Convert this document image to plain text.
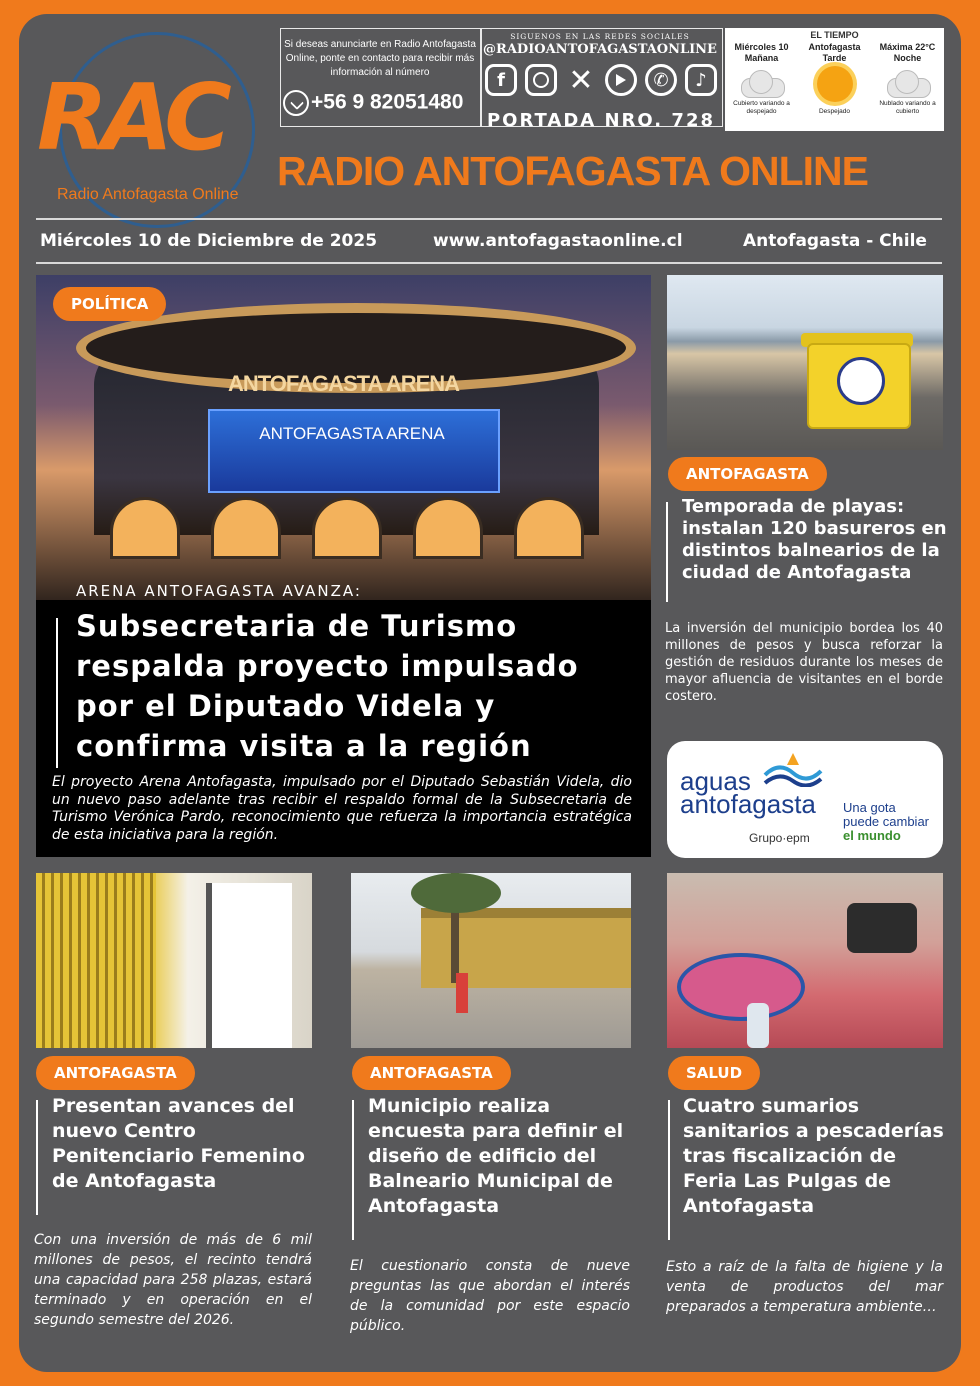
RAC
Radio Antofagasta Online
Si deseas anunciarte en Radio Antofagasta Online, ponte en contacto para recibir más información al número
+56 9 82051480
SIGUENOS EN LAS REDES SOCIALES
@RADIOANTOFAGASTAONLINE
f	✕	✆	♪
PORTADA NRO. 728
EL TIEMPO
Miércoles 10 Mañana
Cubierto variando a despejado
Antofagasta Tarde
Despejado
Máxima 22°C Noche
Nublado variando a cubierto
RADIO ANTOFAGASTA ONLINE
Miércoles 10 de Diciembre de 2025	www.antofagastaonline.cl	Antofagasta - Chile
ANTOFAGASTA ARENA
ANTOFAGASTA ARENA
POLÍTICA
ARENA ANTOFAGASTA AVANZA:
Subsecretaria de Turismo respalda proyecto impulsado por el Diputado Videla y confirma visita a la región
El proyecto Arena Antofagasta, impulsado por el Diputado Sebastián Videla, dio un nuevo paso adelante tras recibir el respaldo formal de la Subsecretaria de Turismo Verónica Pardo, reconocimiento que refuerza la importancia estratégica de esta iniciativa para la región.
ANTOFAGASTA
Temporada de playas: instalan 120 basureros en distintos balnearios de la ciudad de Antofagasta
La inversión del municipio bordea los 40 millones de pesos y busca reforzar la gestión de residuos durante los meses de mayor afluencia de visitantes en el borde costero.
aguas
antofagasta
Grupo·epm
Una gota
puede cambiar
el mundo
ANTOFAGASTA	ANTOFAGASTA	SALUD
Presentan avances del nuevo Centro Penitenciario Femenino de Antofagasta
Con una inversión de más de 6 mil millones de pesos, el recinto tendrá una capacidad para 258 plazas, estará terminado y en operación en el segundo semestre del 2026.
Municipio realiza encuesta para definir el diseño de edificio del Balneario Municipal de Antofagasta
El cuestionario consta de nueve preguntas las que abordan el interés de la comunidad por este espacio público.
Cuatro sumarios sanitarios a pescaderías tras fiscalización de Feria Las Pulgas de Antofagasta
Esto a raíz de la falta de higiene y la venta de productos del mar preparados a temperatura ambiente…
